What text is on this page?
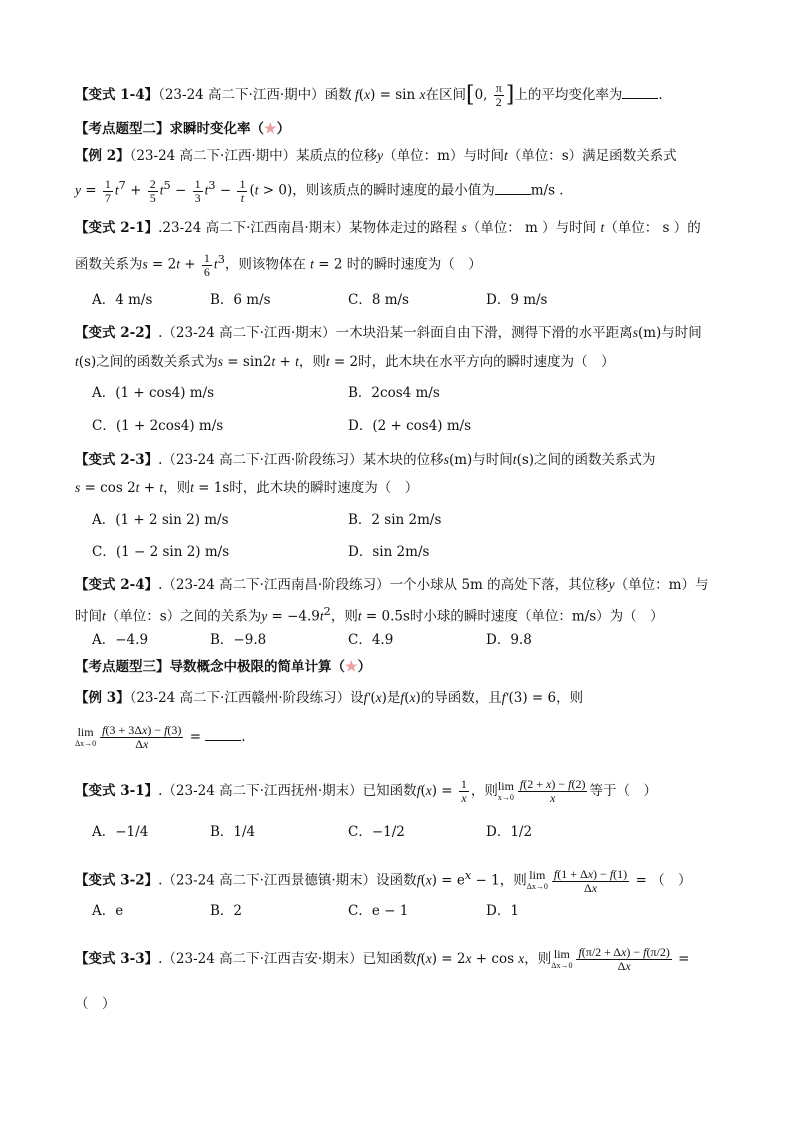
【变式 1-4】（23-24 高二下·江西·期中）函数 f(x) = sin x在区间[0, $\frac{\pi}{2}$ ]上的平均变化率为	.
【考点题型二】求瞬时变化率（★）
【例 2】（23-24 高二下·江西·期中）某质点的位移y（单位：m）与时间t（单位：s）满足函数关系式
$y = \frac{1}{7} t^7 + \frac{2}{5} t^5 - \frac{1}{3} t^3 - \frac{1}{t} (t > 0)$，则该质点的瞬时速度的最小值为	m/s .
【变式 2-1】.23-24 高二下·江西南昌·期末）某物体走过的路程 s（单位： m ）与时间 t（单位： s ）的
函数关系为$s = 2t + \frac{1}{6} t^3$，则该物体在 t = 2 时的瞬时速度为（　）
A．4 m/s	B．6 m/s	C．8 m/s	D．9 m/s
【变式 2-2】.（23-24 高二下·江西·期末）一木块沿某一斜面自由下滑，测得下滑的水平距离s(m)与时间
t(s)之间的函数关系式为s = sin2t + t，则t = 2时，此木块在水平方向的瞬时速度为（　）
A．(1 + cos4) m/s	B．2cos4 m/s
C．(1 + 2cos4) m/s	D．(2 + cos4) m/s
【变式 2-3】.（23-24 高二下·江西·阶段练习）某木块的位移s(m)与时间t(s)之间的函数关系式为
s = cos 2t + t，则t = 1s时，此木块的瞬时速度为（　）
A．(1 + 2 sin 2) m/s	B．2 sin 2m/s
C．(1 − 2 sin 2) m/s	D．sin 2m/s
【变式 2-4】.（23-24 高二下·江西南昌·阶段练习）一个小球从 5m 的高处下落，其位移y（单位：m）与
时间t（单位：s）之间的关系为$y = -4.9t^2$，则t = 0.5s时小球的瞬时速度（单位：m/s）为（　）
A．−4.9	B．−9.8	C．4.9	D．9.8
【考点题型三】导数概念中极限的简单计算（★）
【例 3】（23-24 高二下·江西赣州·阶段练习）设f′(x)是f(x)的导函数，且f′(3) = 6，则
lim
$\Delta x\to 0 \frac{f(3 + 3\Delta x) - f(3)}{\Delta x}$ =	.
【变式 3-1】.（23-24 高二下·江西抚州·期末）已知函数$f(x) = \frac{1}{x}$ ，则 lim
$x\to 0 \frac{f(2 + x) - f(2)}{x}$ 等于（　）
A．−1/4	B．1/4	C．−1/2	D．1/2
【变式 3-2】.（23-24 高二下·江西景德镇·期末）设函数$f(x) = e^x - 1$，则 lim
$\Delta x\to 0 \frac{f(1 + \Delta x) - f(1)}{\Delta x}$ = （　）
A．e	B．2	C．e − 1	D．1
【变式 3-3】.（23-24 高二下·江西吉安·期末）已知函数f(x) = 2x + cos x，则 lim
$\Delta x\to 0 \frac{f(\pi/2 + \Delta x) - f(\pi/2)}{\Delta x}$ =
（　）
